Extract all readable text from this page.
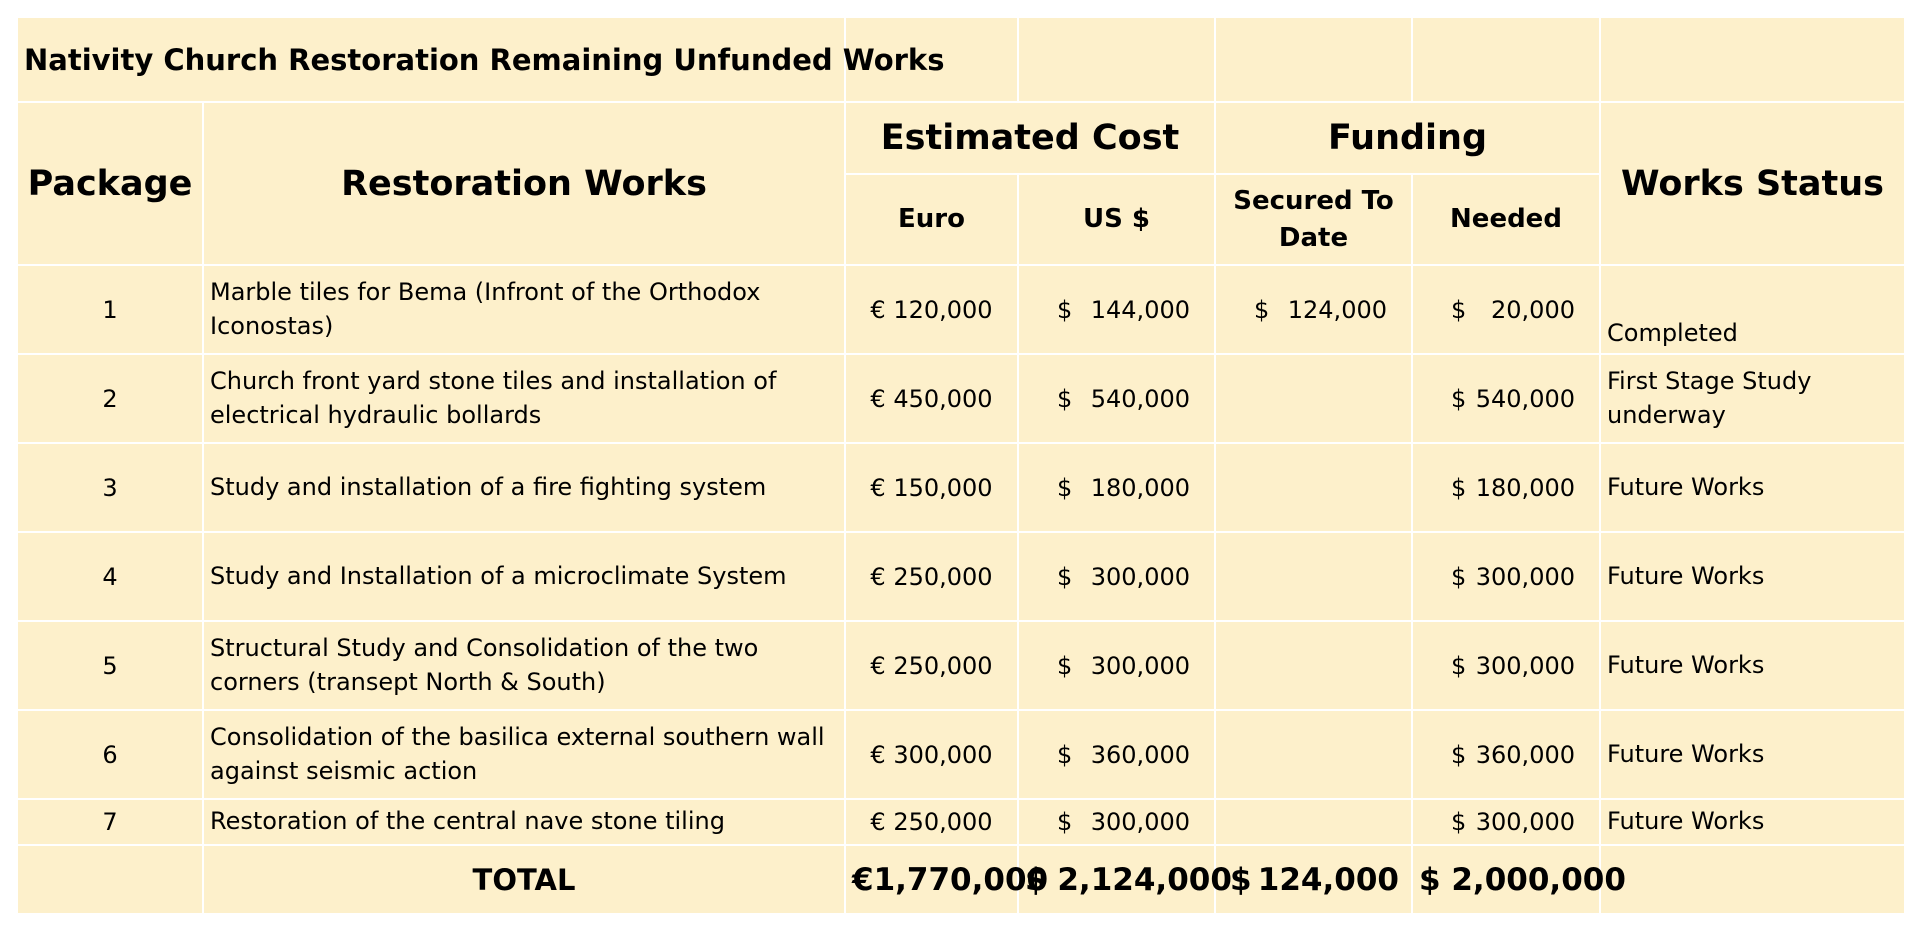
Nativity Church Restoration Remaining Unfunded Works						
Package	Restoration Works	Estimated Cost		Funding		Works Status
		Euro	US $	Secured To Date	Needed	
1	Marble tiles for Bema (Infront of the Orthodox Iconostas)	€ 120,000	$ 144,000	$ 124,000	$ 20,000	Completed
2	Church front yard stone tiles and installation of electrical hydraulic bollards	€ 450,000	$ 540,000		$ 540,000	First Stage Study underway
3	Study and installation of a fire fighting system	€ 150,000	$ 180,000		$ 180,000	Future Works
4	Study and Installation of a microclimate System	€ 250,000	$ 300,000		$ 300,000	Future Works
5	Structural Study and Consolidation of the two corners (transept North & South)	€ 250,000	$ 300,000		$ 300,000	Future Works
6	Consolidation of the basilica external southern wall against seismic action	€ 300,000	$ 360,000		$ 360,000	Future Works
7	Restoration of the central nave stone tiling	€ 250,000	$ 300,000		$ 300,000	Future Works
	TOTAL	€1,770,000	$ 2,124,000	$ 124,000	$ 2,000,000	
